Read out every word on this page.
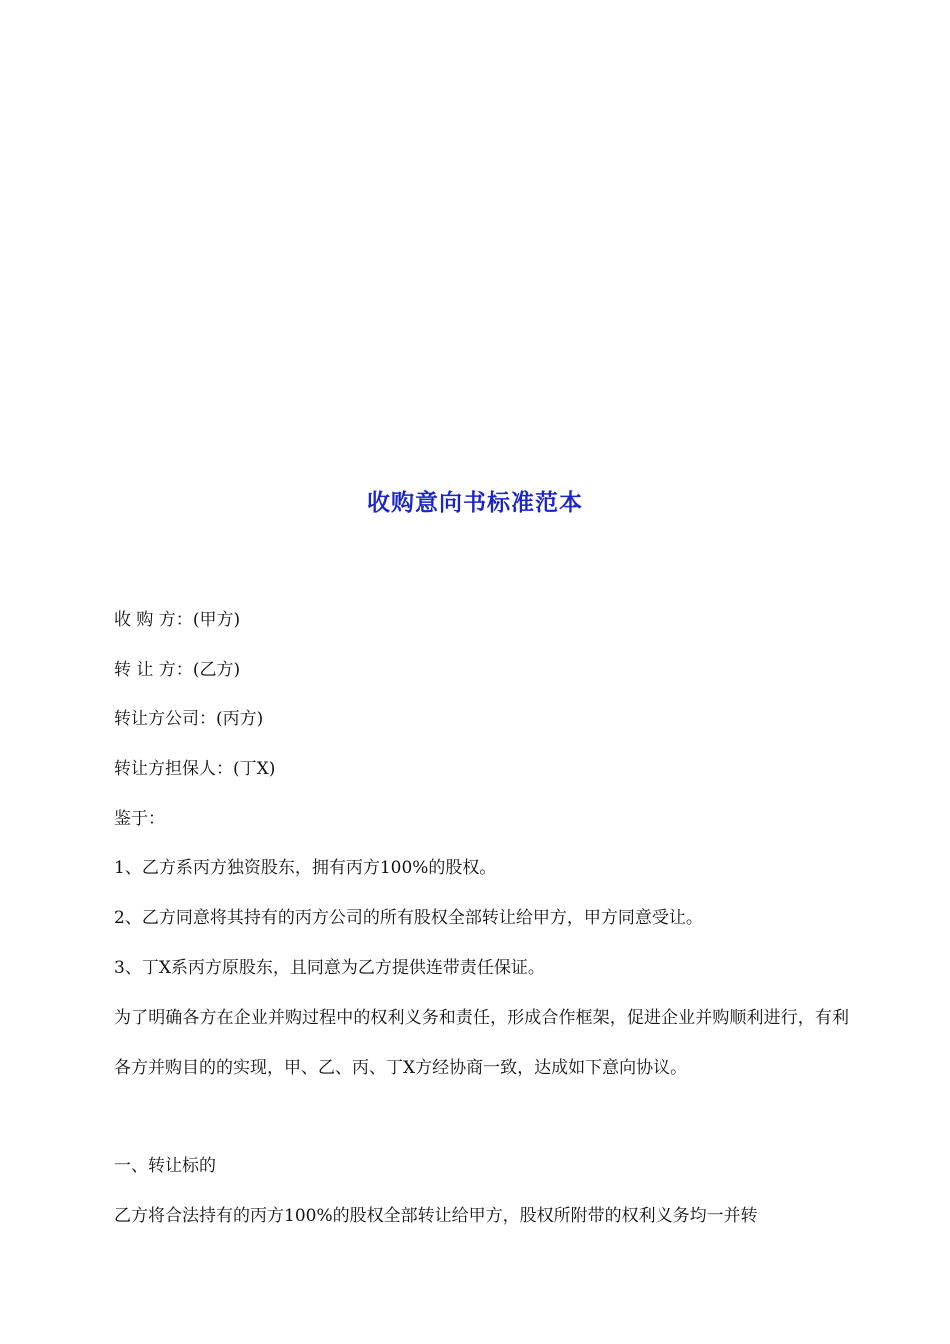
收购意向书标准范本
收 购 方：(甲方)
转 让 方：(乙方)
转让方公司：(丙方)
转让方担保人：(丁X)
鉴于：
1、乙方系丙方独资股东，拥有丙方100%的股权。
2、乙方同意将其持有的丙方公司的所有股权全部转让给甲方，甲方同意受让。
3、丁X系丙方原股东，且同意为乙方提供连带责任保证。
为了明确各方在企业并购过程中的权利义务和责任，形成合作框架，促进企业并购顺利进行，有利各方并购目的的实现，甲、乙、丙、丁X方经协商一致，达成如下意向协议。
一、转让标的
乙方将合法持有的丙方100%的股权全部转让给甲方，股权所附带的权利义务均一并转
